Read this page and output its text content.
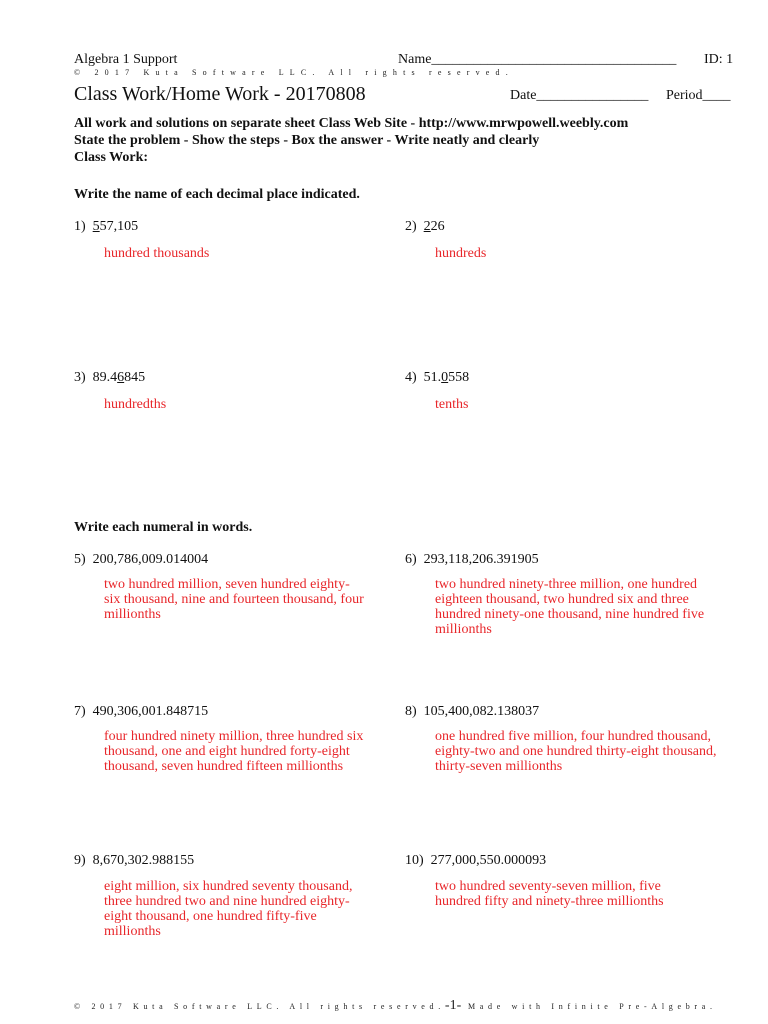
Algebra 1 Support	Name___________________________________ ID: 1
© 2017 Kuta Software LLC. All rights reserved.
Class Work/Home Work - 20170808	Date________________ Period____
All work and solutions on separate sheet Class Web Site - http://www.mrwpowell.weebly.com
State the problem - Show the steps - Box the answer - Write neatly and clearly
Class Work:
Write the name of each decimal place indicated.
1) 557,105
hundred thousands
2) 226
hundreds
3) 89.46845
hundredths
4) 51.0558
tenths
Write each numeral in words.
5) 200,786,009.014004
two hundred million, seven hundred eighty-six thousand, nine and fourteen thousand, four millionths
6) 293,118,206.391905
two hundred ninety-three million, one hundred eighteen thousand, two hundred six and three hundred ninety-one thousand, nine hundred five millionths
7) 490,306,001.848715
four hundred ninety million, three hundred six thousand, one and eight hundred forty-eight thousand, seven hundred fifteen millionths
8) 105,400,082.138037
one hundred five million, four hundred thousand, eighty-two and one hundred thirty-eight thousand, thirty-seven millionths
9) 8,670,302.988155
eight million, six hundred seventy thousand, three hundred two and nine hundred eighty-eight thousand, one hundred fifty-five millionths
10) 277,000,550.000093
two hundred seventy-seven million, five hundred fifty and ninety-three millionths
© 2017 Kuta Software LLC. All rights reserved.-1- Made with Infinite Pre-Algebra.
